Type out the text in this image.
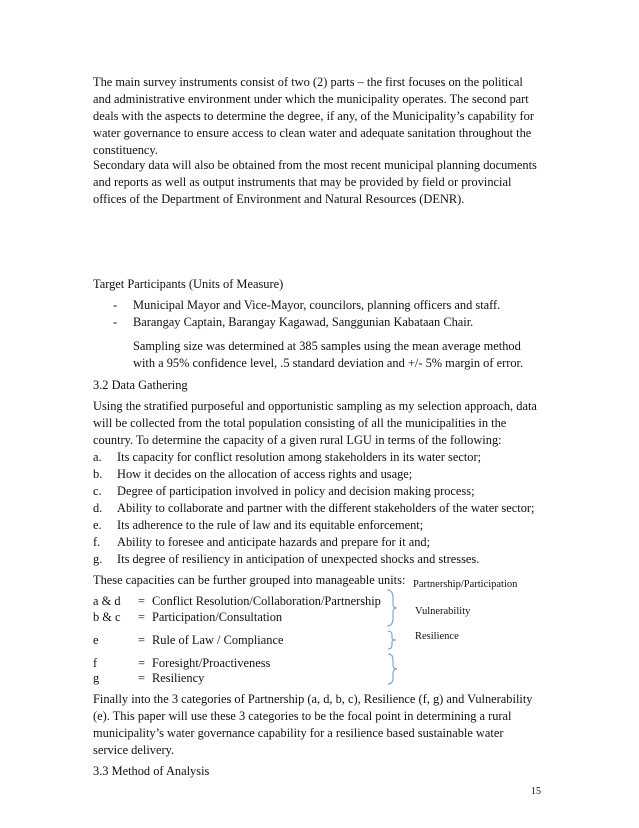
The main survey instruments consist of two (2) parts – the first focuses on the political
and administrative environment under which the municipality operates. The second part
deals with the aspects to determine the degree, if any, of the Municipality’s capability for
water governance to ensure access to clean water and adequate sanitation throughout the
constituency.
Secondary data will also be obtained from the most recent municipal planning documents
and reports as well as output instruments that may be provided by field or provincial
offices of the Department of Environment and Natural Resources (DENR).
Target Participants (Units of Measure)
- Municipal Mayor and Vice-Mayor, councilors, planning officers and staff.
- Barangay Captain, Barangay Kagawad, Sanggunian Kabataan Chair.
Sampling size was determined at 385 samples using the mean average method
with a 95% confidence level, .5 standard deviation and +/- 5% margin of error.
3.2 Data Gathering
Using the stratified purposeful and opportunistic sampling as my selection approach, data
will be collected from the total population consisting of all the municipalities in the
country. To determine the capacity of a given rural LGU in terms of the following:
a. Its capacity for conflict resolution among stakeholders in its water sector;
b. How it decides on the allocation of access rights and usage;
c. Degree of participation involved in policy and decision making process;
d. Ability to collaborate and partner with the different stakeholders of the water sector;
e. Its adherence to the rule of law and its equitable enforcement;
f. Ability to foresee and anticipate hazards and prepare for it and;
g. Its degree of resiliency in anticipation of unexpected shocks and stresses.
These capacities can be further grouped into manageable units:
a & d = Conflict Resolution/Collaboration/Partnership
b & c = Participation/Consultation
e	= Rule of Law / Compliance
f	= Foresight/Proactiveness
g	= Resiliency
Partnership/Participation
Vulnerability
Resilience
Finally into the 3 categories of Partnership (a, d, b, c), Resilience (f, g) and Vulnerability
(e). This paper will use these 3 categories to be the focal point in determining a rural
municipality’s water governance capability for a resilience based sustainable water
service delivery.
3.3 Method of Analysis
15
